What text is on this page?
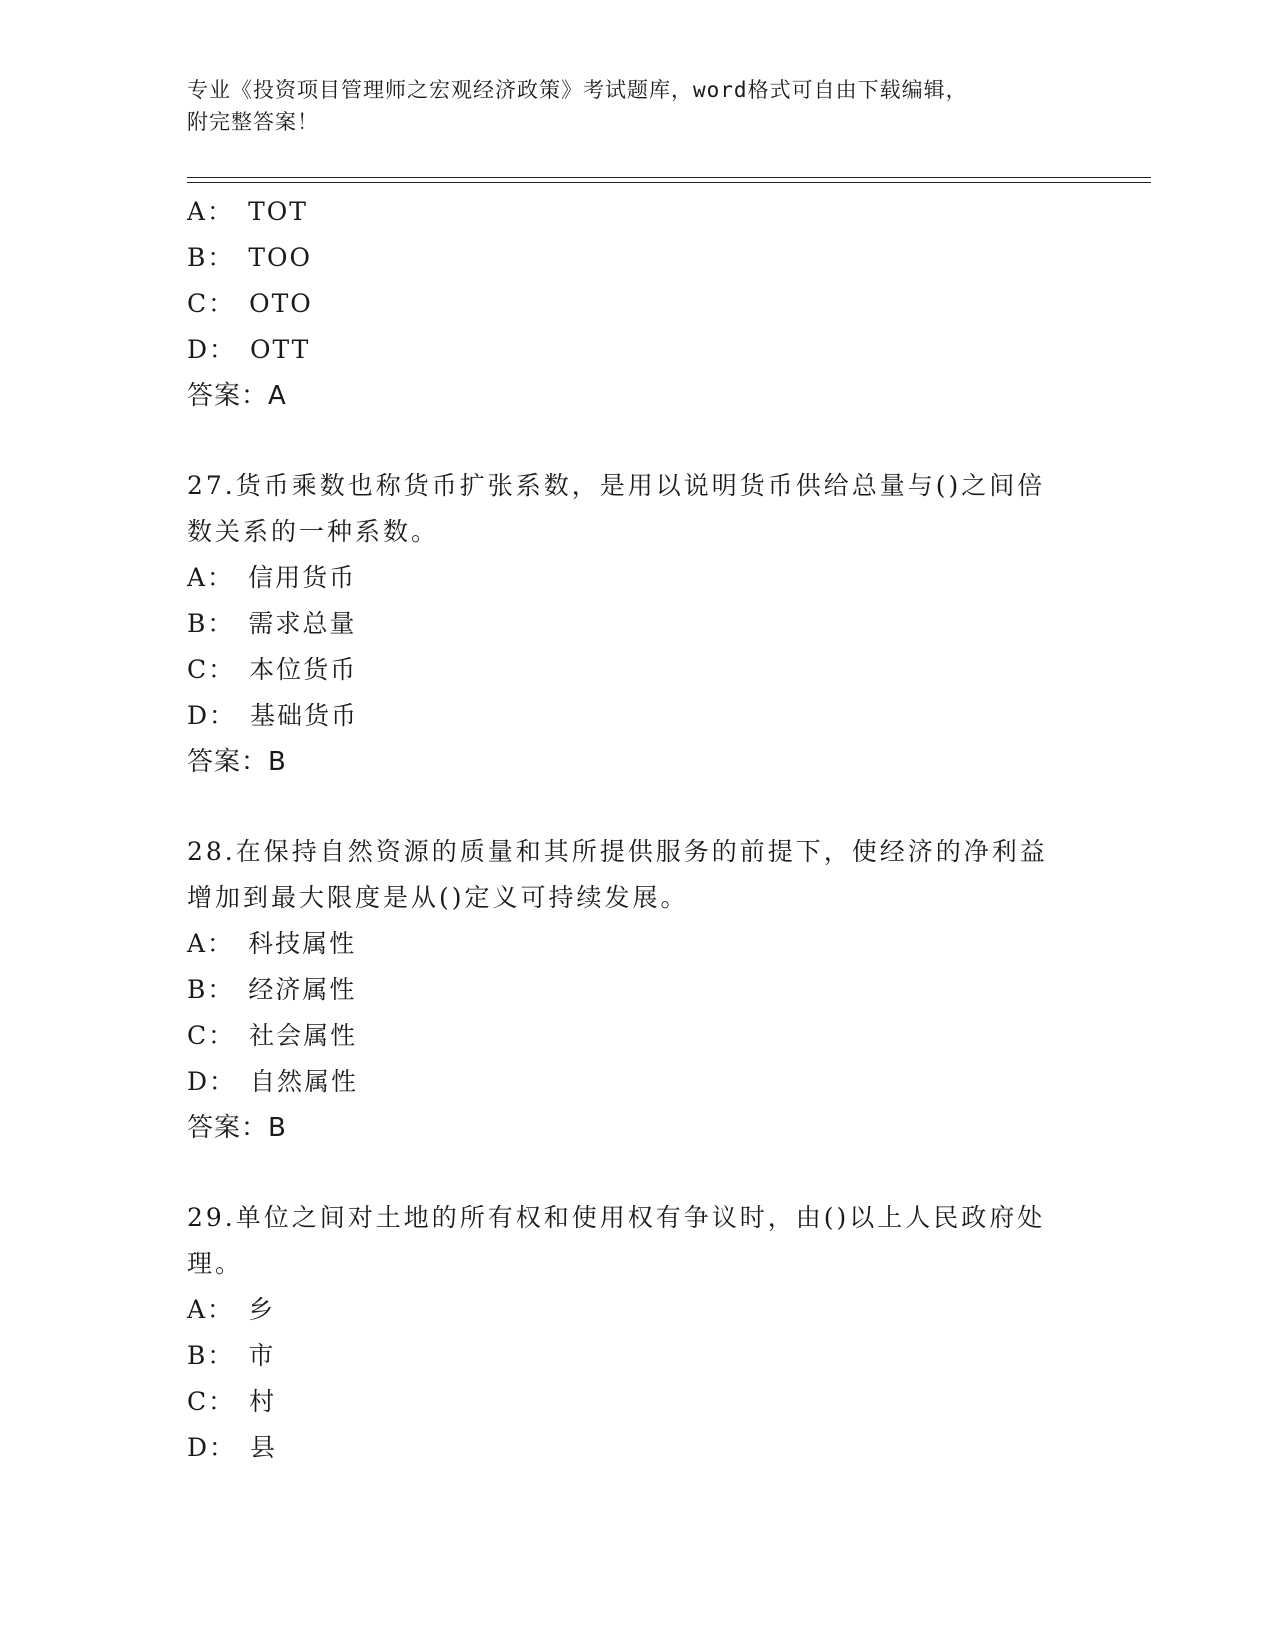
专业《投资项目管理师之宏观经济政策》考试题库，word格式可自由下载编辑，
附完整答案！
A： TOT
B： TOO
C： OTO
D： OTT
答案：A
27.货币乘数也称货币扩张系数，是用以说明货币供给总量与()之间倍
数关系的一种系数。
A： 信用货币
B： 需求总量
C： 本位货币
D： 基础货币
答案：B
28.在保持自然资源的质量和其所提供服务的前提下，使经济的净利益
增加到最大限度是从()定义可持续发展。
A： 科技属性
B： 经济属性
C： 社会属性
D： 自然属性
答案：B
29.单位之间对土地的所有权和使用权有争议时，由()以上人民政府处
理。
A： 乡
B： 市
C： 村
D： 县
